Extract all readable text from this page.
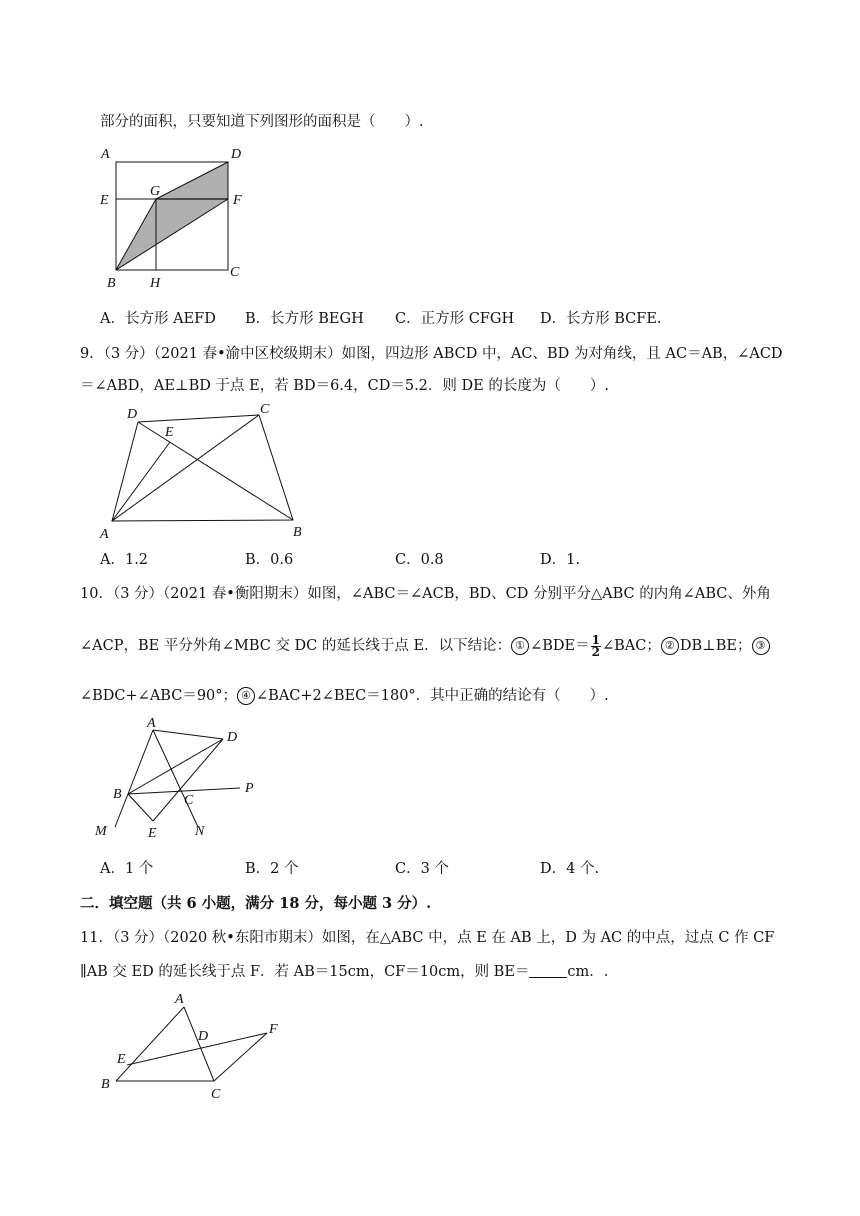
部分的面积，只要知道下列图形的面积是（　　）.
A	D
E
G
F
B H
C
A．长方形 AEFD B．长方形 BEGH C．正方形 CFGH D．长方形 BCFE.
9．（3 分）（2021 春•渝中区校级期末）如图，四边形 ABCD 中，AC、BD 为对角线，且 AC＝AB，∠ACD
＝∠ABD，AE⊥BD 于点 E，若 BD＝6.4，CD＝5.2．则 DE 的长度为（　　）.
D
E
C
A	B
A．1.2	B．0.6	C．0.8	D．1.
10．（3 分）（2021 春•衡阳期末）如图，∠ABC＝∠ACB，BD、CD 分别平分△ABC 的内角∠ABC、外角
∠ACP，BE 平分外角∠MBC 交 DC 的延长线于点 E．以下结论： ① ∠BDE＝ $\frac{1}{2}$ ∠BAC； ② DB⊥BE； ③
∠BDC+∠ABC＝90°； ④ ∠BAC+2∠BEC＝180°．其中正确的结论有（　　）.
A
D
B	C
P
M	E	N
A．1 个	B．2 个	C．3 个	D．4 个.
二．填空题（共 6 小题，满分 18 分，每小题 3 分）.
11．（3 分）（2020 秋•东阳市期末）如图，在△ABC 中，点 E 在 AB 上，D 为 AC 的中点，过点 C 作 CF
∥AB 交 ED 的延长线于点 F．若 AB＝15cm，CF＝10cm，则 BE＝	cm．.
A
D	F
E
B
C
